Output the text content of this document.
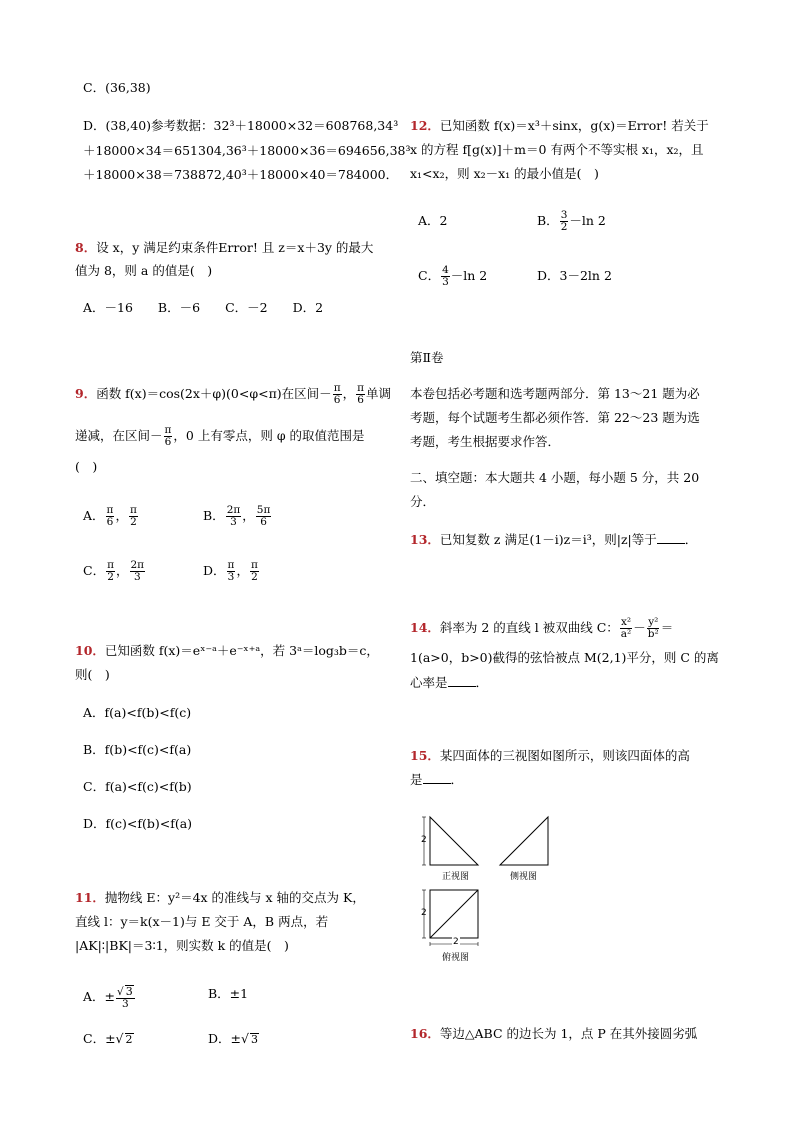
C．(36,38)
D．(38,40)参考数据：32³＋18000×32＝608768,34³
＋18000×34＝651304,36³＋18000×36＝694656,38³
＋18000×38＝738872,40³＋18000×40＝784000．
8．设 x，y 满足约束条件Error! 且 z＝x＋3y 的最大
值为 8，则 a 的值是(　)
A．－16　　B．－6　　C．－2　　D．2
9．函数 f(x)＝cos(2x＋φ)(0<φ<π)在区间－ $\frac{\pi}{6}$ ， $\frac{\pi}{6}$ 单调
递减，在区间－ $\frac{\pi}{6}$ ，0 上有零点，则 φ 的取值范围是
(　)
A． $\frac{\pi}{6}$ ， $\frac{\pi}{2}$	B． $\frac{2\pi}{3}$ ， $\frac{5\pi}{6}$
C． $\frac{\pi}{2}$ ， $\frac{2\pi}{3}$	D． $\frac{\pi}{3}$ ， $\frac{\pi}{2}$
10．已知函数 f(x)＝eˣ⁻ᵃ＋e⁻ˣ⁺ᵃ，若 3ᵃ＝log₃b＝c，
则(　)
A．f(a)<f(b)<f(c)
B．f(b)<f(c)<f(a)
C．f(a)<f(c)<f(b)
D．f(c)<f(b)<f(a)
11．抛物线 E：y²＝4x 的准线与 x 轴的交点为 K，
直线 l：y＝k(x－1)与 E 交于 A，B 两点，若
|AK|∶|BK|＝3∶1，则实数 k 的值是(　)
A．± $\frac{√ 3}{3}$	B．±1
C．±√ 2	D．±√ 3
12．已知函数 f(x)＝x³＋sinx，g(x)＝Error! 若关于
x 的方程 f[g(x)]＋m＝0 有两个不等实根 x₁，x₂，且
x₁<x₂，则 x₂－x₁ 的最小值是(　)
A．2	B． $\frac{3}{2} -\ln$ 2
C． $\frac{4}{3} -\ln$ 2	D．3－2ln 2
第Ⅱ卷
本卷包括必考题和选考题两部分．第 13～21 题为必
考题，每个试题考生都必须作答．第 22～23 题为选
考题，考生根据要求作答．
二、填空题：本大题共 4 小题，每小题 5 分，共 20
分．
13．已知复数 z 满足(1－i)z＝i³，则|z|等于 ．
14．斜率为 2 的直线 l 被双曲线 C： $\frac{\text{x²}}{\text{a²}} - \frac{\text{y²}}{\text{b²}}$ ＝
1(a>0，b>0)截得的弦恰被点 M(2,1)平分，则 C 的离
心率是 ．
15．某四面体的三视图如图所示，则该四面体的高
是 ．
2
2
2
正视图	侧视图
俯视图
16．等边△ABC 的边长为 1，点 P 在其外接圆劣弧
